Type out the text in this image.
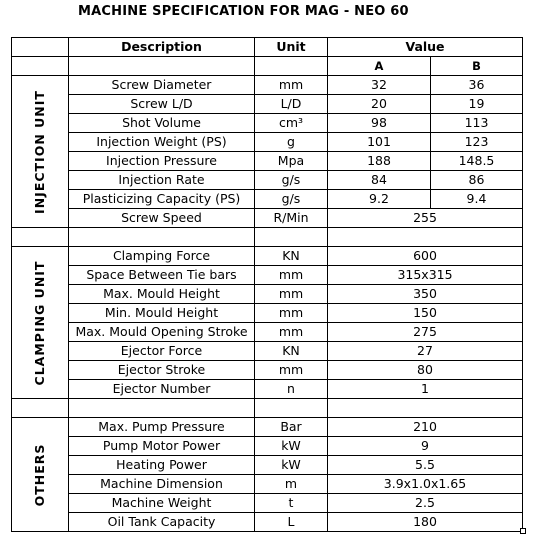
MACHINE SPECIFICATION FOR MAG - NEO 60
	Description	Unit	Value	
			A	B

INJECTION UNIT	Screw Diameter	mm	32	36
	Screw L/D	L/D	20	19
	Shot Volume	cm³	98	113
	Injection Weight (PS)	g	101	123
	Injection Pressure	Mpa	188	148.5
	Injection Rate	g/s	84	86
	Plasticizing Capacity (PS)	g/s	9.2	9.4
	Screw Speed	R/Min	255	

CLAMPING UNIT	Clamping Force	KN	600	
	Space Between Tie bars	mm	315x315	
	Max. Mould Height	mm	350	
	Min. Mould Height	mm	150	
	Max. Mould Opening Stroke	mm	275	
	Ejector Force	KN	27	
	Ejector Stroke	mm	80	
	Ejector Number	n	1	

OTHERS	Max. Pump Pressure	Bar	210	
	Pump Motor Power	kW	9	
	Heating Power	kW	5.5	
	Machine Dimension	m	3.9x1.0x1.65	
	Machine Weight	t	2.5	
	Oil Tank Capacity	L	180	
